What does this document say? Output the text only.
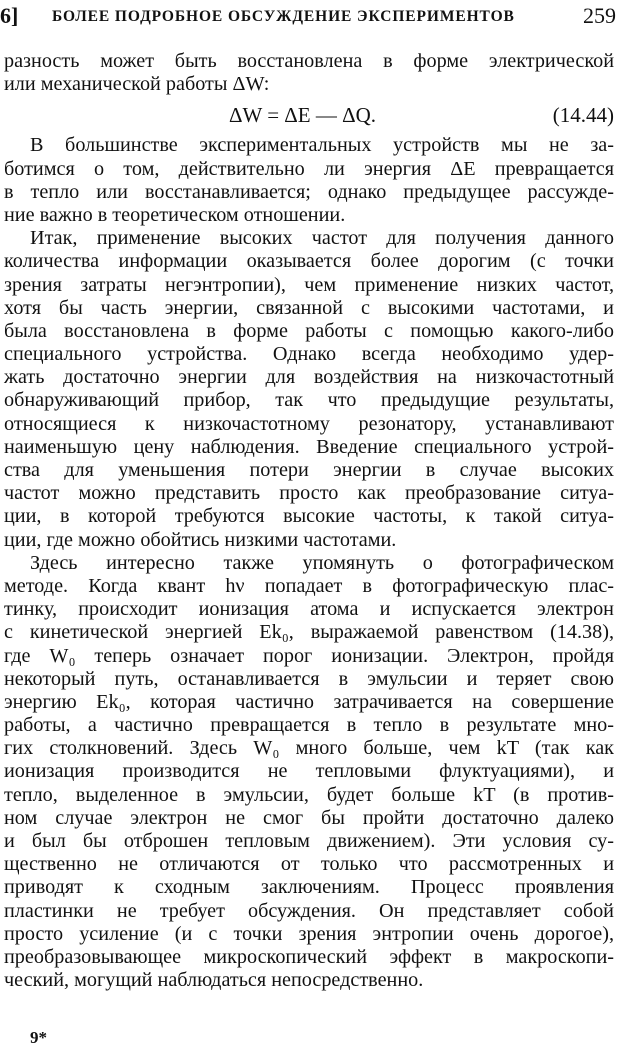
6] БОЛЕЕ ПОДРОБНОЕ ОБСУЖДЕНИЕ ЭКСПЕРИМЕНТОВ	259
разность может быть восстановлена в форме электрической
или механической работы ΔW:
ΔW = ΔE — ΔQ.	(14.44)
В большинстве экспериментальных устройств мы не за-
ботимся о том, действительно ли энергия ΔE превращается
в тепло или восстанавливается; однако предыдущее рассужде-
ние важно в теоретическом отношении.
Итак, применение высоких частот для получения данного
количества информации оказывается более дорогим (с точки
зрения затраты негэнтропии), чем применение низких частот,
хотя бы часть энергии, связанной с высокими частотами, и
была восстановлена в форме работы с помощью какого-либо
специального устройства. Однако всегда необходимо удер-
жать достаточно энергии для воздействия на низкочастотный
обнаруживающий прибор, так что предыдущие результаты,
относящиеся к низкочастотному резонатору, устанавливают
наименьшую цену наблюдения. Введение специального устрой-
ства для уменьшения потери энергии в случае высоких
частот можно представить просто как преобразование ситуа-
ции, в которой требуются высокие частоты, к такой ситуа-
ции, где можно обойтись низкими частотами.
Здесь интересно также упомянуть о фотографическом
методе. Когда квант hν попадает в фотографическую плас-
тинку, происходит ионизация атома и испускается электрон
с кинетической энергией Ek₀, выражаемой равенством (14.38),
где W₀ теперь означает порог ионизации. Электрон, пройдя
некоторый путь, останавливается в эмульсии и теряет свою
энергию Ek₀, которая частично затрачивается на совершение
работы, а частично превращается в тепло в результате мно-
гих столкновений. Здесь W₀ много больше, чем kT (так как
ионизация производится не тепловыми флуктуациями), и
тепло, выделенное в эмульсии, будет больше kT (в против-
ном случае электрон не смог бы пройти достаточно далеко
и был бы отброшен тепловым движением). Эти условия су-
щественно не отличаются от только что рассмотренных и
приводят к сходным заключениям. Процесс проявления
пластинки не требует обсуждения. Он представляет собой
просто усиление (и с точки зрения энтропии очень дорогое),
преобразовывающее микроскопический эффект в макроскопи-
ческий, могущий наблюдаться непосредственно.
9*
